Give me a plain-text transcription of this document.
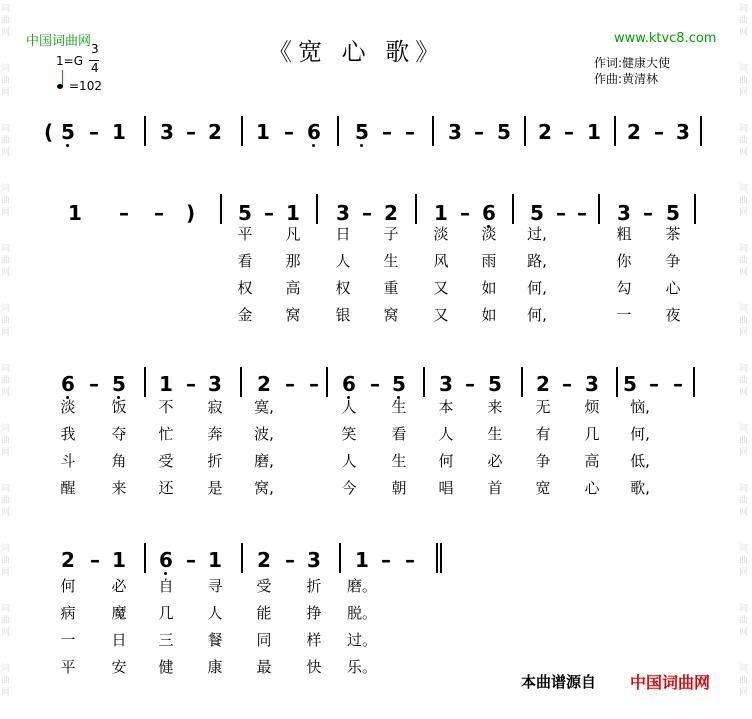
词
曲
网
词
曲
网
词
曲
网
词
曲
网
词
曲
网
词
曲
网
词
曲
网
词
曲
网
词
曲
网
词
曲
网
词
曲
网
词
曲
网
词
曲
网
词
曲
网
词
曲
网
词
曲
网
词
曲
网
词
曲
网
词
曲
网
词
曲
网
词
曲
网
词
曲
网
词
曲
网
词
曲
网
中国词曲网	www.ktvc8.com
《宽 心 歌》
1=G
3
4
=102
作词:健康大使
作曲:黄清林
(
)
5 – 1 3 – 2 1 – 6 5 – – 3 – 5 2 – 1 2 – 3
1 – –	5 – 1 3 – 2 1 – 6 5 – – 3 – 5
平 凡 日 子 淡 淡 过,	粗 茶
看 那 人 生 风 雨 路,	你 争
权 高 权 重 又 如 何,	勾 心
金 窝 银 窝 又 如 何,	一 夜
6 – 5 1 – 3 2 – – 6 – 5 3 – 5 2 – 3 5 – –
淡 饭 不 寂 寞,	人 生 本 来 无 烦 恼,
我 夺 忙 奔 波,	笑 看 人 生 有 几 何,
斗 角 受 折 磨,	人 生 何 必 争 高 低,
醒 来 还 是 窝,	今 朝 唱 首 宽 心 歌,
2 – 1 6 – 1 2 – 3 1 – –
何 必 自 寻 受 折 磨。
病 魔 几 人 能 挣 脱。
一 日 三 餐 同 样 过。
平 安 健 康 最 快 乐。
本曲谱源自 中国词曲网
